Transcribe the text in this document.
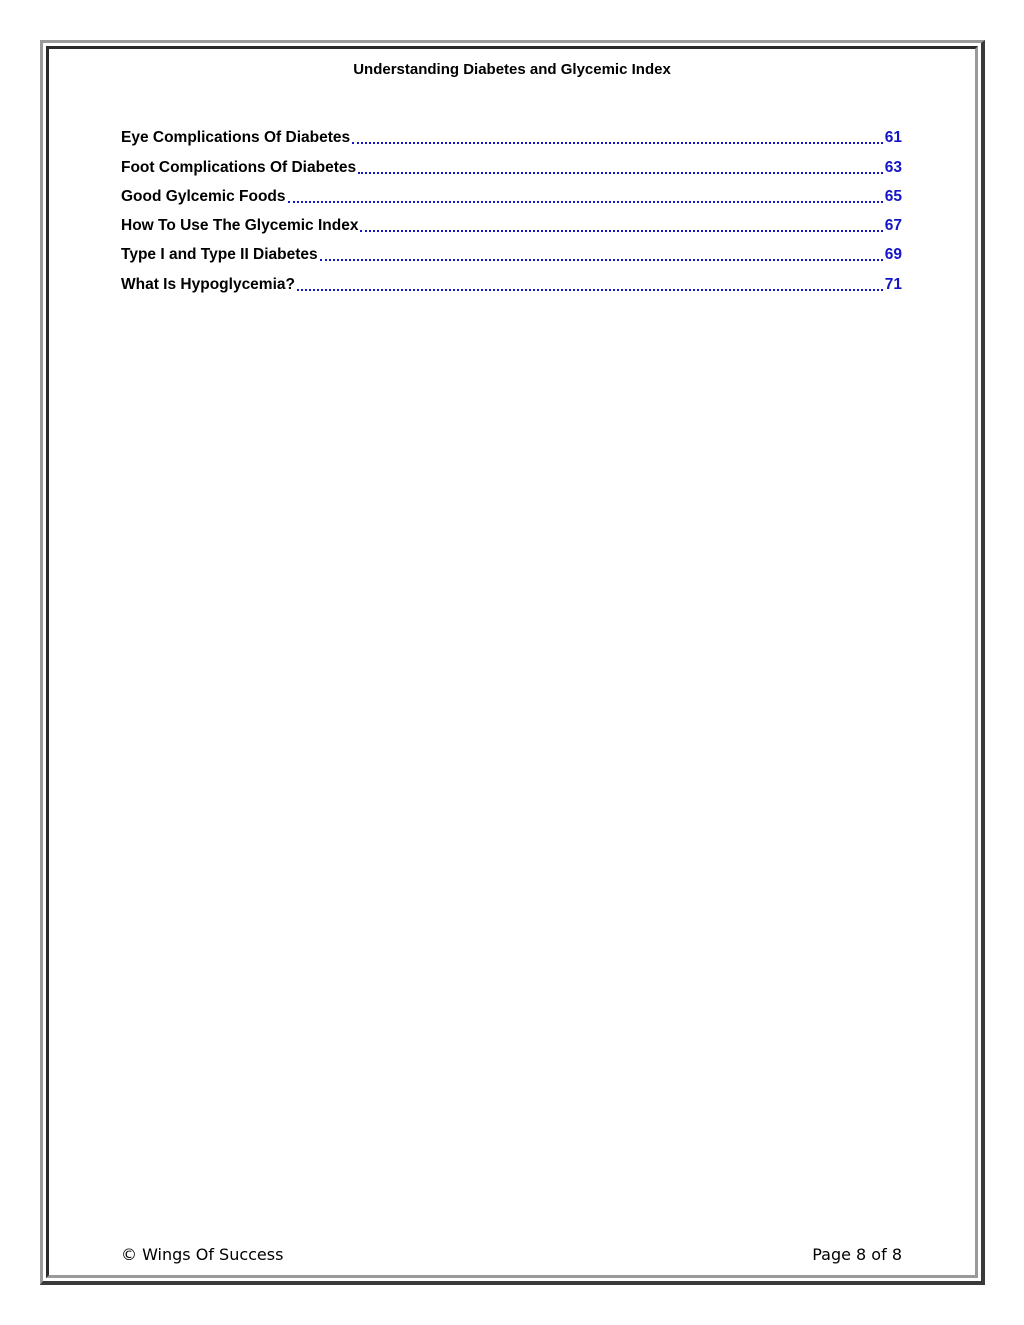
Understanding Diabetes and Glycemic Index
Eye Complications Of Diabetes	61
Foot Complications Of Diabetes	63
Good Gylcemic Foods	65
How To Use The Glycemic Index	67
Type I and Type II Diabetes	69
What Is Hypoglycemia?	71
© Wings Of Success	Page 8 of 8
